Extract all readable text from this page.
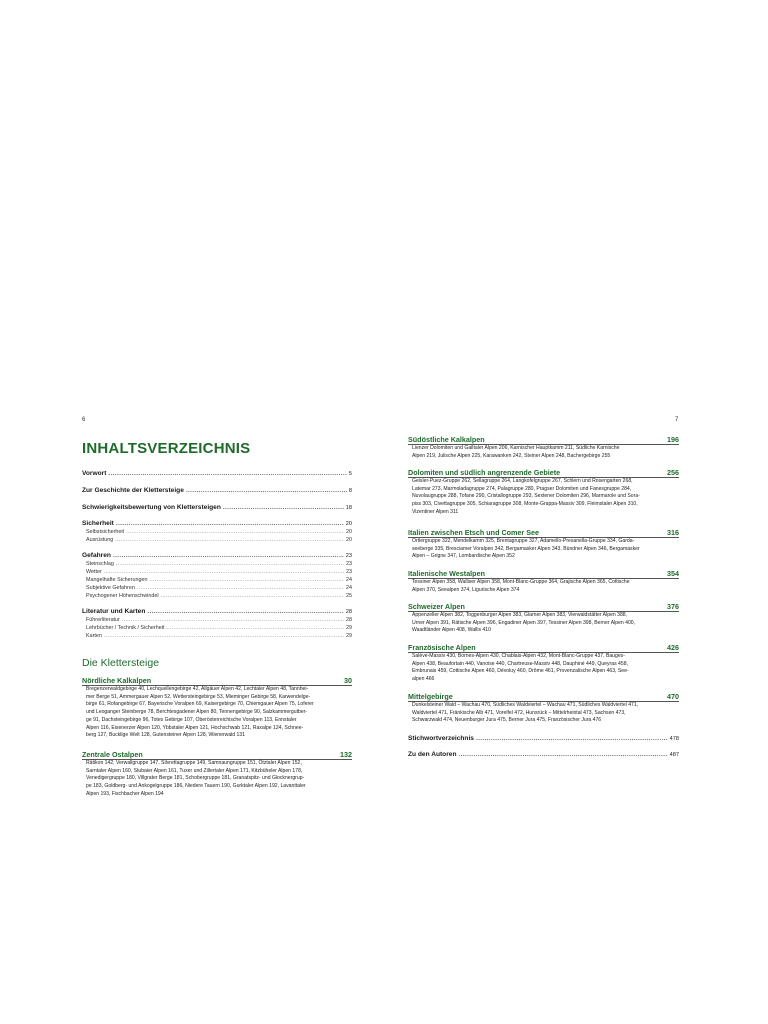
6	7
INHALTSVERZEICHNIS
Vorwort .....	5
Zur Geschichte der Klettersteige .....	8
Schwierigkeitsbewertung von Klettersteigen .....	18
Sicherheit .....	20
Selbstsicherheit .....	20
Ausrüstung .....	20
Gefahren .....	23
Steinschlag .....	23
Wetter .....	23
Mangelhafte Sicherungen .....	24
Subjektive Gefahren .....	24
Psychogener Höhenschwindel .....	25
Literatur und Karten .....	28
Führerliteratur .....	28
Lehrbücher / Technik / Sicherheit .....	29
Karten .....	29
Die Klettersteige
Nördliche Kalkalpen	30
Bregenzerwaldgebirge 40, Lechquellengebirge 42, Allgäuer Alpen 42, Lechtaler Alpen 48, Tannhei-
mer Berge 51, Ammergauer Alpen 52, Wettersteingebirge 53, Mieminger Gebirge 58, Karwendelge-
birge 61, Rofangebirge 67, Bayerische Voralpen 69, Kaisergebirge 70, Chiemgauer Alpen 75, Loferer
und Leoganger Steinberge 78, Berchtesgadener Alpen 80, Tennengebirge 90, Salzkammergutber-
ge 91, Dachsteingebirge 96, Totes Gebirge 107, Oberösterreichische Voralpen 113, Ennstaler
Alpen 116, Eisenerzer Alpen 120, Ybbstaler Alpen 121, Hochschwab 121, Raxalpe 124, Schnee-
berg 127, Bucklige Welt 128, Gutensteiner Alpen 128, Wienerwald 131
Zentrale Ostalpen	132
Rätikon 142, Verwallgruppe 147, Silvrettagruppe 149, Samnaungruppe 151, Ötztaler Alpen 152,
Sarntaler Alpen 160, Stubaier Alpen 161, Tuxer und Zillertaler Alpen 171, Kitzbüheler Alpen 178,
Venedigergruppe 180, Villgrater Berge 181, Schobergruppe 181, Granatspitz- und Glocknergrup-
pe 183, Goldberg- und Ankogelgruppe 186, Niedere Tauern 190, Gurktaler Alpen 192, Lavanttaler
Alpen 193, Fischbacher Alpen 194
Südöstliche Kalkalpen	196
Lienzer Dolomiten und Gailtaler Alpen 206, Karnischer Hauptkamm 211, Südliche Karnische
Alpen 219, Julische Alpen 225, Karawanken 242, Steiner Alpen 248, Bachergebirge 255
Dolomiten und südlich angrenzende Gebiete	256
Geisler-Puez-Gruppe 262, Sellagruppe 264, Langkofelgruppe 267, Schlern und Rosengarten 268,
Latemar 273, Marmoladagruppe 274, Palagruppe 280, Pragser Dolomiten und Fanesgruppe 284,
Nuvolaugruppe 288, Tofane 290, Cristallogruppe 293, Sextener Dolomiten 296, Marmarole und Sora-
piss 303, Civettagruppe 305, Schiaragruppe 308, Monte-Grappa-Massiv 309, Fleimstaler Alpen 310,
Vizentiner Alpen 311
Italien zwischen Etsch und Comer See	316
Ortlergruppe 322, Mendelkamm 325, Brentagruppe 327, Adamello-Presanella-Gruppe 334, Garda-
seeberge 335, Bresciamer Voralpen 342, Bergamasker Alpen 343, Bündner Alpen 346, Bergamasker
Alpen – Grigne 347, Lombardische Alpen 352
Italienische Westalpen	354
Tessiner Alpen 358, Walliser Alpen 358, Mont-Blanc-Gruppe 364, Grajische Alpen 365, Cottische
Alpen 370, Seealpen 374, Ligurische Alpen 374
Schweizer Alpen	376
Appenzeller Alpen 382, Toggenburger Alpen 383, Glarner Alpen 383, Vierwaldstätter Alpen 388,
Urner Alpen 391, Rätische Alpen 396, Engadiner Alpen 397, Tessiner Alpen 398, Berner Alpen 400,
Waadtländer Alpen 408, Wallis 410
Französische Alpen	426
Salève-Massiv 430, Bornes-Alpen 430, Chablais-Alpen 432, Mont-Blanc-Gruppe 437, Bauges-
Alpen 438, Beaufortain 440, Vanoise 440, Chartreuse-Massiv 448, Dauphiné 449, Queyras 458,
Embrunais 459, Cottische Alpen 460, Dévoluy 460, Drôme 461, Provenzalische Alpen 463, See-
alpen 466
Mittelgebirge	470
Dunkelsteiner Wald – Wachau 470, Südliches Waldviertel – Wachau 471, Südliches Waldviertel 471,
Waldviertel 471, Fränkische Alb 471, Vorelfel 472, Hunsrück – Mittelrheintal 473, Sachsen 473,
Schwarzwald 474, Neuenburger Jura 475, Berner Jura 475, Französischer Jura 476
Stichwortverzeichnis .....	478
Zu den Autoren .....	487
